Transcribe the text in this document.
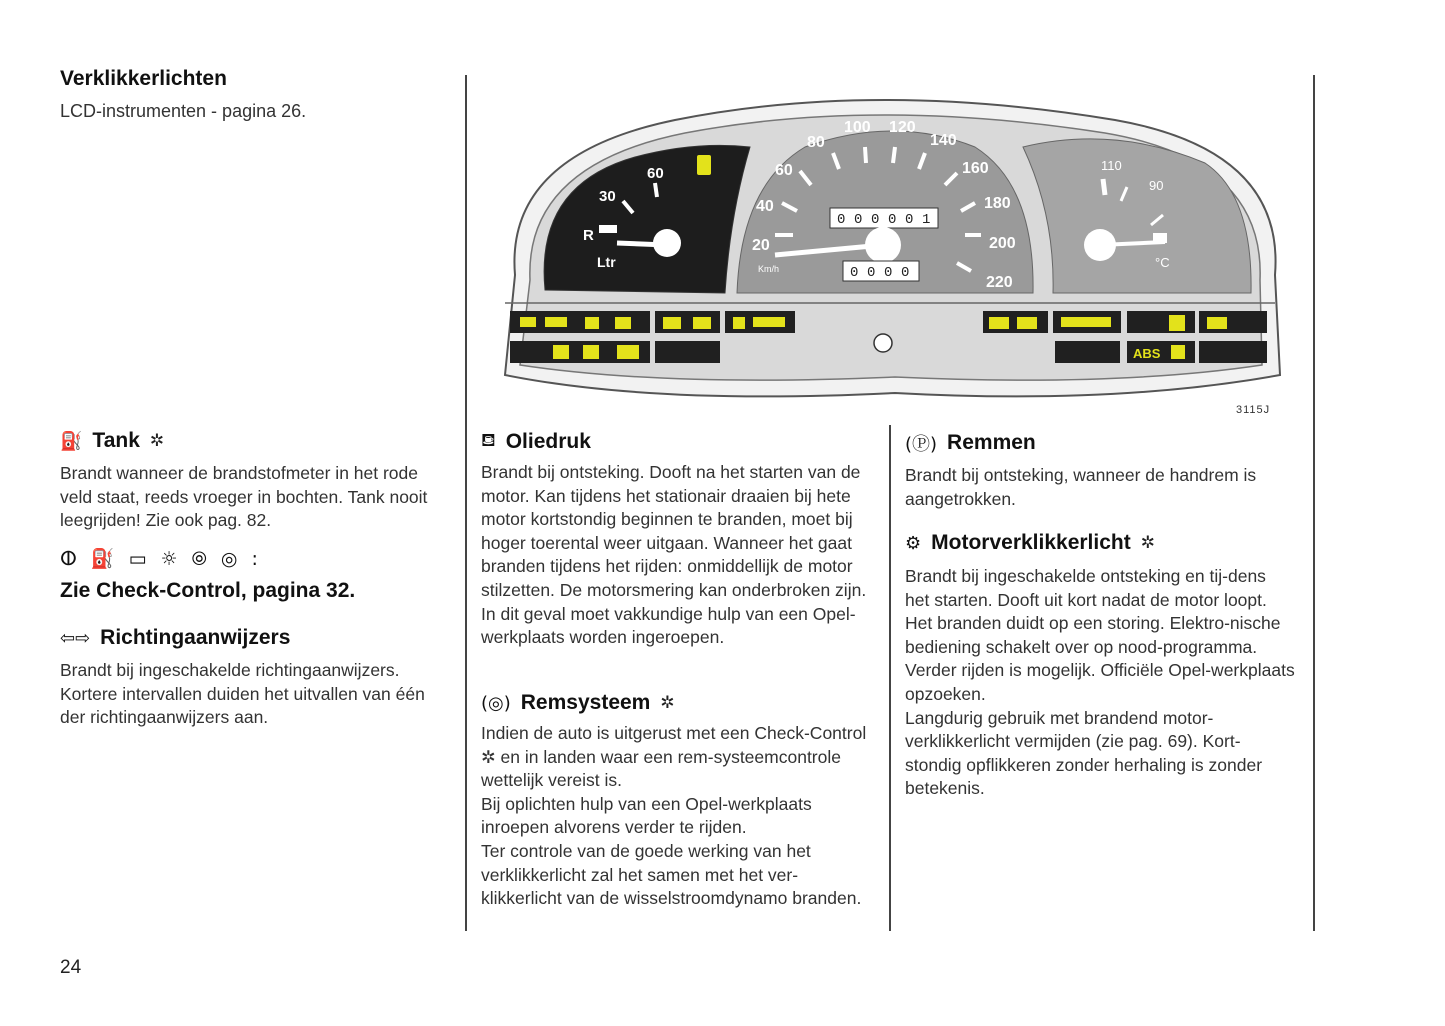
Verklikkerlichten
LCD-instrumenten - pagina 26.
30
60
R
Ltr
20
40
60
80
100 120
140
160
180
200
220
Km/h
0 0 0 0 0 1
0 0 0 0
110
90
°C
ABS
3115J
⛽ Tank ✲
Brandt wanneer de brandstofmeter in het rode veld staat, reeds vroeger in bochten. Tank nooit leegrijden! Zie ook pag. 82.
ⵀ ⛽ ▭ ☼ ⦾ ◎ :
Zie Check-Control, pagina 32.
⇦⇨ Richtingaanwijzers
Brandt bij ingeschakelde richtingaanwijzers. Kortere intervallen duiden het uitvallen van één der richtingaanwijzers aan.
⛾ Oliedruk
Brandt bij ontsteking. Dooft na het starten van de motor. Kan tijdens het stationair draaien bij hete motor kortstondig beginnen te branden, moet bij hoger toerental weer uitgaan. Wanneer het gaat branden tijdens het rijden: onmiddellijk de motor stilzetten. De motorsmering kan onderbroken zijn. In dit geval moet vakkundige hulp van een Opel-werkplaats worden ingeroepen.
(◎) Remsysteem ✲
Indien de auto is uitgerust met een Check-Control ✲ en in landen waar een rem-systeemcontrole wettelijk vereist is.
Bij oplichten hulp van een Opel-werkplaats inroepen alvorens verder te rijden.
Ter controle van de goede werking van het verklikkerlicht zal het samen met het ver-klikkerlicht van de wisselstroomdynamo branden.
(Ⓟ) Remmen
Brandt bij ontsteking, wanneer de handrem is aangetrokken.
⚙ Motorverklikkerlicht ✲
Brandt bij ingeschakelde ontsteking en tij-dens het starten. Dooft uit kort nadat de motor loopt.
Het branden duidt op een storing. Elektro-nische bediening schakelt over op nood-programma. Verder rijden is mogelijk. Officiële Opel-werkplaats opzoeken.
Langdurig gebruik met brandend motor-verklikkerlicht vermijden (zie pag. 69). Kort-stondig opflikkeren zonder herhaling is zonder betekenis.
24
